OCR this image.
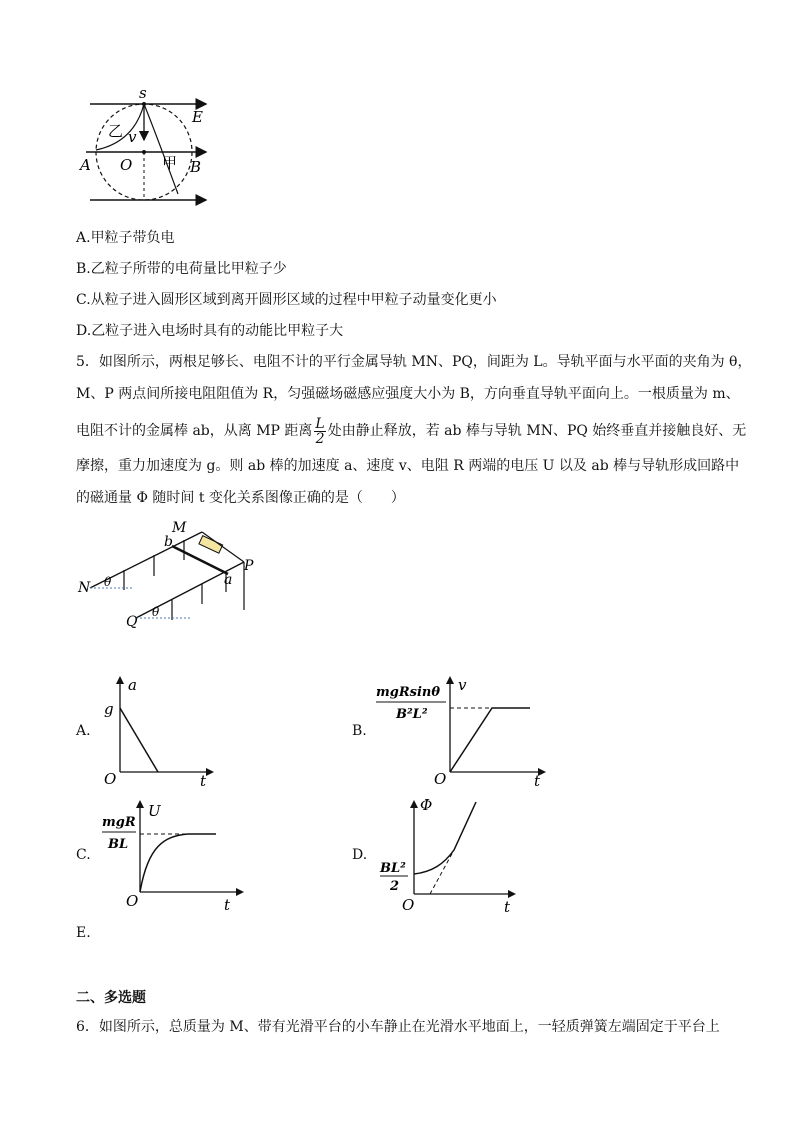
s
E
A O	B
v
乙
甲
A.甲粒子带负电
B.乙粒子所带的电荷量比甲粒子少
C.从粒子进入圆形区域到离开圆形区域的过程中甲粒子动量变化更小
D.乙粒子进入电场时具有的动能比甲粒子大
5．如图所示，两根足够长、电阻不计的平行金属导轨 MN、PQ，间距为 L。导轨平面与水平面的夹角为 θ，
M、P 两点间所接电阻阻值为 R，匀强磁场磁感应强度大小为 B，方向垂直导轨平面向上。一根质量为 m、
电阻不计的金属棒 ab，从离 MP 距离 $\frac{L}{2}$ 处由静止释放，若 ab 棒与导轨 MN、PQ 始终垂直并接触良好、无
摩擦，重力加速度为 g。则 ab 棒的加速度 a、速度 v、电阻 R 两端的电压 U 以及 ab 棒与导轨形成回路中
的磁通量 Φ 随时间 t 变化关系图像正确的是（　　）
M
b
a
N
P
Q
θ
θ
A.
a
t
O
g
B.
mgRsinθ
B²L²
v
t
O
C.
mgR
BL
U
t
O
D.
BL²
2
Φ
t
O
E.
二、多选题
6．如图所示，总质量为 M、带有光滑平台的小车静止在光滑水平地面上，一轻质弹簧左端固定于平台上
